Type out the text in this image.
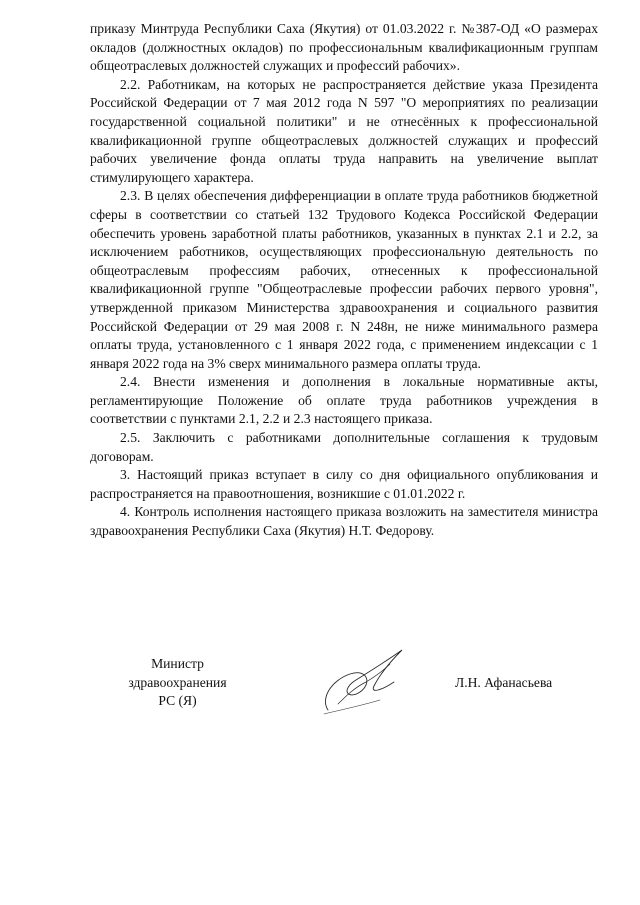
приказу Минтруда Республики Саха (Якутия) от 01.03.2022 г. №387-ОД «О размерах окладов (должностных окладов) по профессиональным квалификационным группам общеотраслевых должностей служащих и профессий рабочих».

2.2. Работникам, на которых не распространяется действие указа Президента Российской Федерации от 7 мая 2012 года N 597 "О мероприятиях по реализации государственной социальной политики" и не отнесённых к профессиональной квалификационной группе общеотраслевых должностей служащих и профессий рабочих увеличение фонда оплаты труда направить на увеличение выплат стимулирующего характера.

2.3. В целях обеспечения дифференциации в оплате труда работников бюджетной сферы в соответствии со статьей 132 Трудового Кодекса Российской Федерации обеспечить уровень заработной платы работников, указанных в пунктах 2.1 и 2.2, за исключением работников, осуществляющих профессиональную деятельность по общеотраслевым профессиям рабочих, отнесенных к профессиональной квалификационной группе "Общеотраслевые профессии рабочих первого уровня", утвержденной приказом Министерства здравоохранения и социального развития Российской Федерации от 29 мая 2008 г. N 248н, не ниже минимального размера оплаты труда, установленного с 1 января 2022 года, с применением индексации с 1 января 2022 года на 3% сверх минимального размера оплаты труда.

2.4. Внести изменения и дополнения в локальные нормативные акты, регламентирующие Положение об оплате труда работников учреждения в соответствии с пунктами 2.1, 2.2 и 2.3 настоящего приказа.

2.5. Заключить с работниками дополнительные соглашения к трудовым договорам.

3. Настоящий приказ вступает в силу со дня официального опубликования и распространяется на правоотношения, возникшие с 01.01.2022 г.

4. Контроль исполнения настоящего приказа возложить на заместителя министра здравоохранения Республики Саха (Якутия) Н.Т. Федорову.

Министр
здравоохранения
РС (Я)
Л.Н. Афанасьева
